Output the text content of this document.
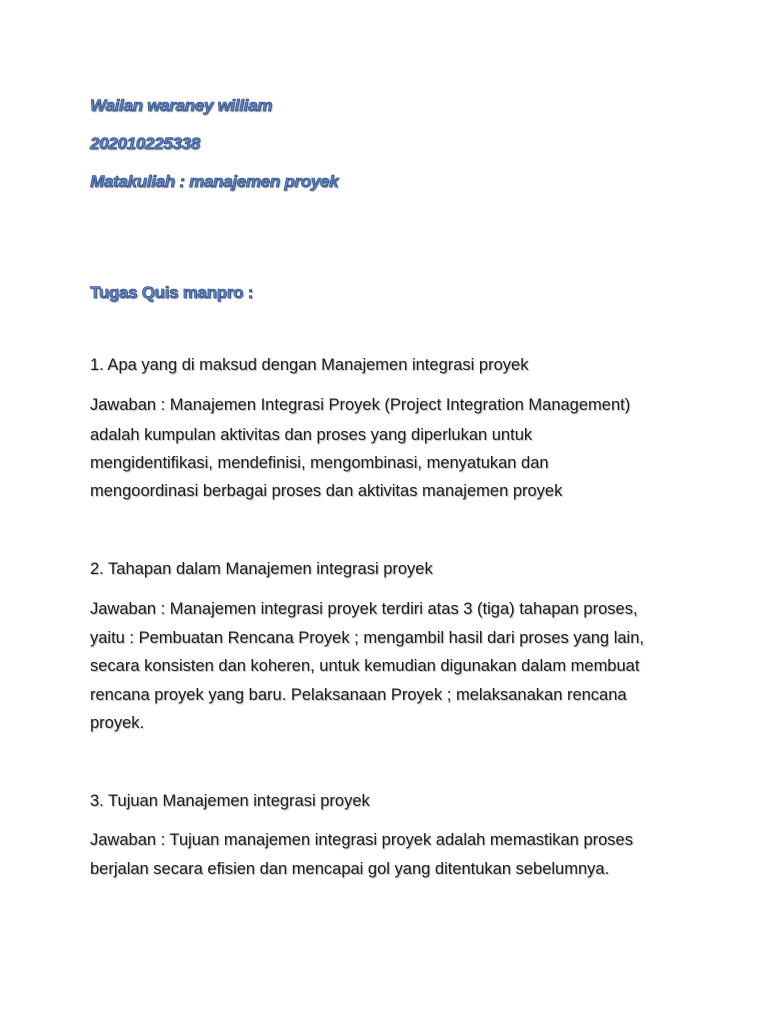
Wailan waraney william
202010225338
Matakuliah : manajemen proyek
Tugas Quis manpro :
1. Apa yang di maksud dengan Manajemen integrasi proyek
Jawaban : Manajemen Integrasi Proyek (Project Integration Management)
adalah kumpulan aktivitas dan proses yang diperlukan untuk
mengidentifikasi, mendefinisi, mengombinasi, menyatukan dan
mengoordinasi berbagai proses dan aktivitas manajemen proyek
2. Tahapan dalam Manajemen integrasi proyek
Jawaban : Manajemen integrasi proyek terdiri atas 3 (tiga) tahapan proses,
yaitu : Pembuatan Rencana Proyek ; mengambil hasil dari proses yang lain,
secara konsisten dan koheren, untuk kemudian digunakan dalam membuat
rencana proyek yang baru. Pelaksanaan Proyek ; melaksanakan rencana
proyek.
3. Tujuan Manajemen integrasi proyek
Jawaban : Tujuan manajemen integrasi proyek adalah memastikan proses
berjalan secara efisien dan mencapai gol yang ditentukan sebelumnya.
